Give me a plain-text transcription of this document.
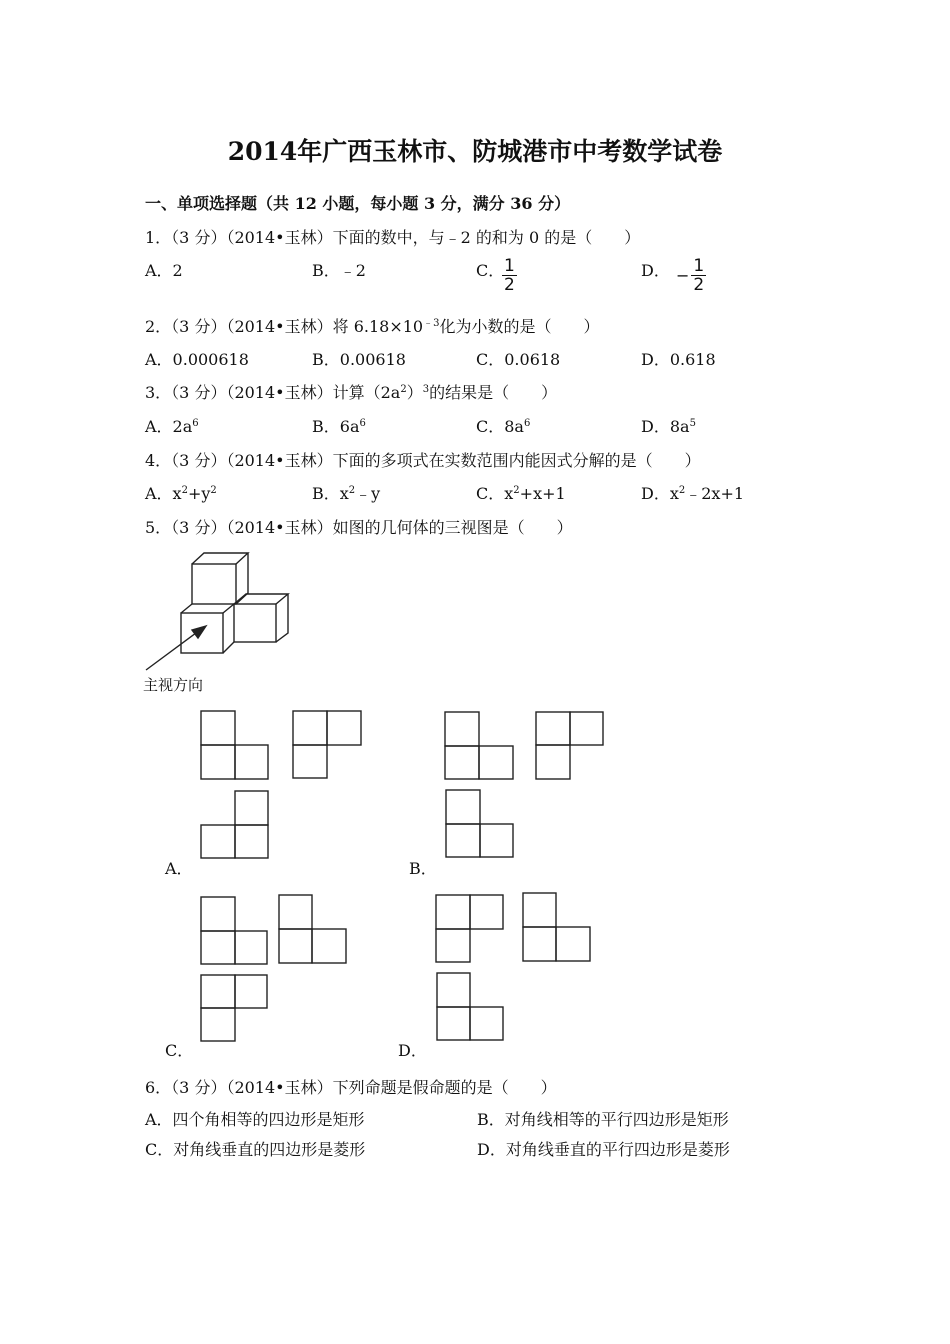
2014年广西玉林市、防城港市中考数学试卷
一、单项选择题（共 12 小题，每小题 3 分，满分 36 分）
1．（3 分）（2014•玉林）下面的数中，与﹣2 的和为 0 的是（　　）
A．2	B．﹣2	C．
$\frac{1}{2}$	D． − $\frac{1}{2}$
2．（3 分）（2014•玉林）将 $6.18\times 10^{﹣3}$化为小数的是（　　）
A．0.000618	B．0.00618	C．0.0618	D．0.618
3．（3 分）（2014•玉林）计算$(2a^2)^3$的结果是（　　）
A．$2a^6$	B．$6a^6$	C．$8a^6$	D．$8a^5$
4．（3 分）（2014•玉林）下面的多项式在实数范围内能因式分解的是（　　）
A．$x^2+y^2$	B．$x^2﹣y$	C．$x^2+x+1$	D．$x^2﹣2x+1$
5．（3 分）（2014•玉林）如图的几何体的三视图是（　　）
主视方向
A．	B．
C．	D．
6．（3 分）（2014•玉林）下列命题是假命题的是（　　）
A．四个角相等的四边形是矩形	B．对角线相等的平行四边形是矩形
C．对角线垂直的四边形是菱形	D．对角线垂直的平行四边形是菱形
